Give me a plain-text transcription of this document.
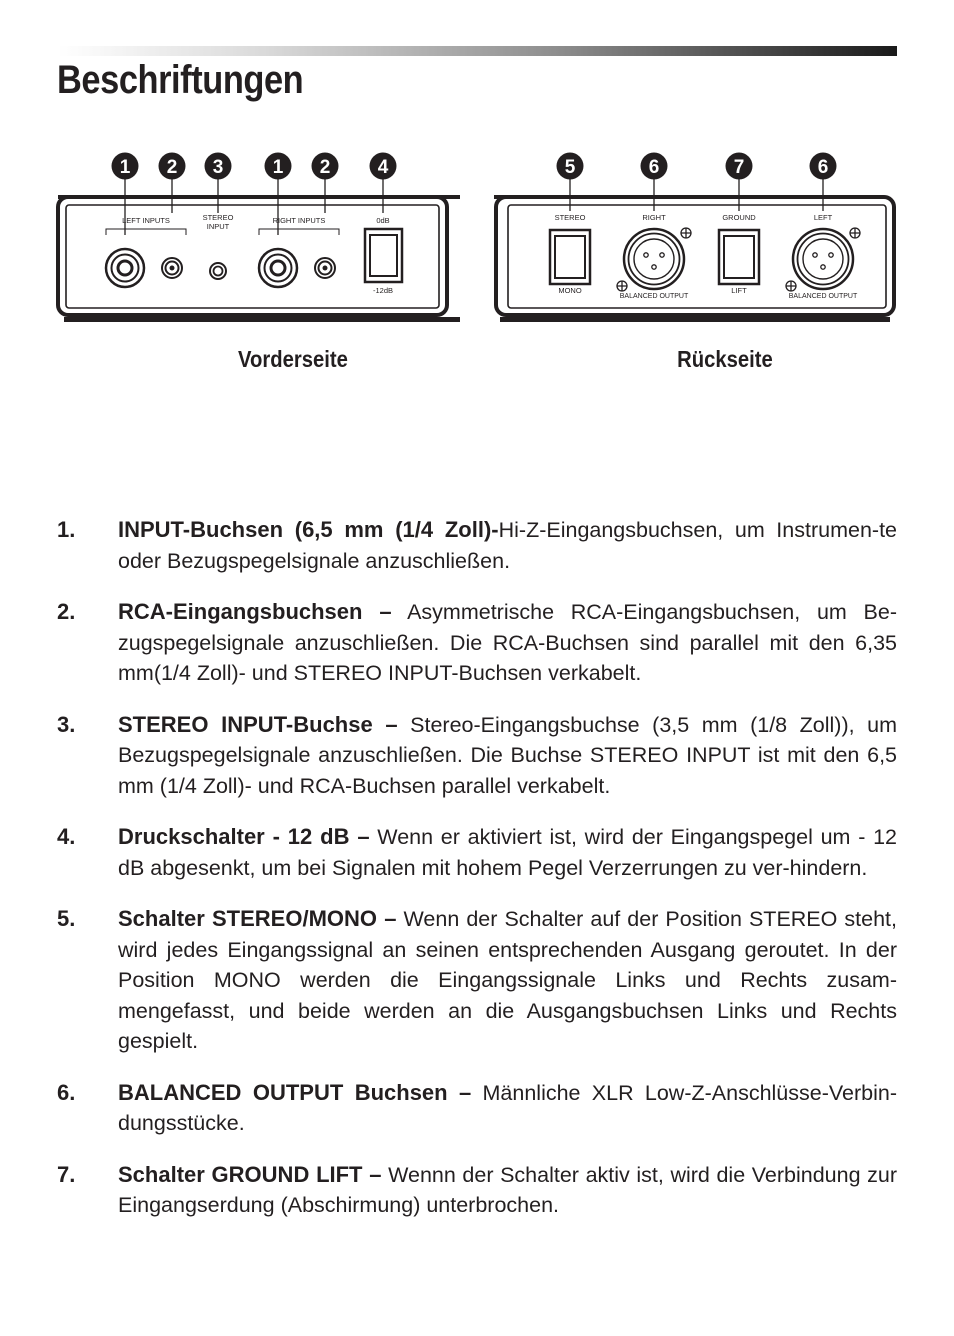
Beschriftungen
1 2 3	1 2 4
LEFT INPUTS	STEREO
INPUT
RIGHT INPUTS	0dB
-12dB
5	6	7	6
STEREO
MONO
RIGHT
BALANCED OUTPUT
GROUND
LIFT
LEFT
BALANCED OUTPUT

Vorderseite	Rückseite

1.	INPUT-Buchsen (6,5 mm (1/4 Zoll)-Hi-Z-Eingangsbuchsen, um Instrumen-te oder Bezugspegelsignale anzuschließen.
2.	RCA-Eingangsbuchsen – Asymmetrische RCA-Eingangsbuchsen, um Be-zugspegelsignale anzuschließen. Die RCA-Buchsen sind parallel mit den 6,35 mm(1/4 Zoll)- und STEREO INPUT-Buchsen verkabelt.
3.	STEREO INPUT-Buchse – Stereo-Eingangsbuchse (3,5 mm (1/8 Zoll)), um Bezugspegelsignale anzuschließen. Die Buchse STEREO INPUT ist mit den 6,5 mm (1/4 Zoll)- und RCA-Buchsen parallel verkabelt.
4.	Druckschalter - 12 dB – Wenn er aktiviert ist, wird der Eingangspegel um - 12 dB abgesenkt, um bei Signalen mit hohem Pegel Verzerrungen zu ver-hindern.
5.	Schalter STEREO/MONO – Wenn der Schalter auf der Position STEREO steht, wird jedes Eingangssignal an seinen entsprechenden Ausgang geroutet. In der Position MONO werden die Eingangssignale Links und Rechts zusam-mengefasst, und beide werden an die Ausgangsbuchsen Links und Rechts gespielt.
6.	BALANCED OUTPUT Buchsen – Männliche XLR Low-Z-Anschlüsse-Verbin-dungsstücke.
7.	Schalter GROUND LIFT – Wennn der Schalter aktiv ist, wird die Verbindung zur Eingangserdung (Abschirmung) unterbrochen.
